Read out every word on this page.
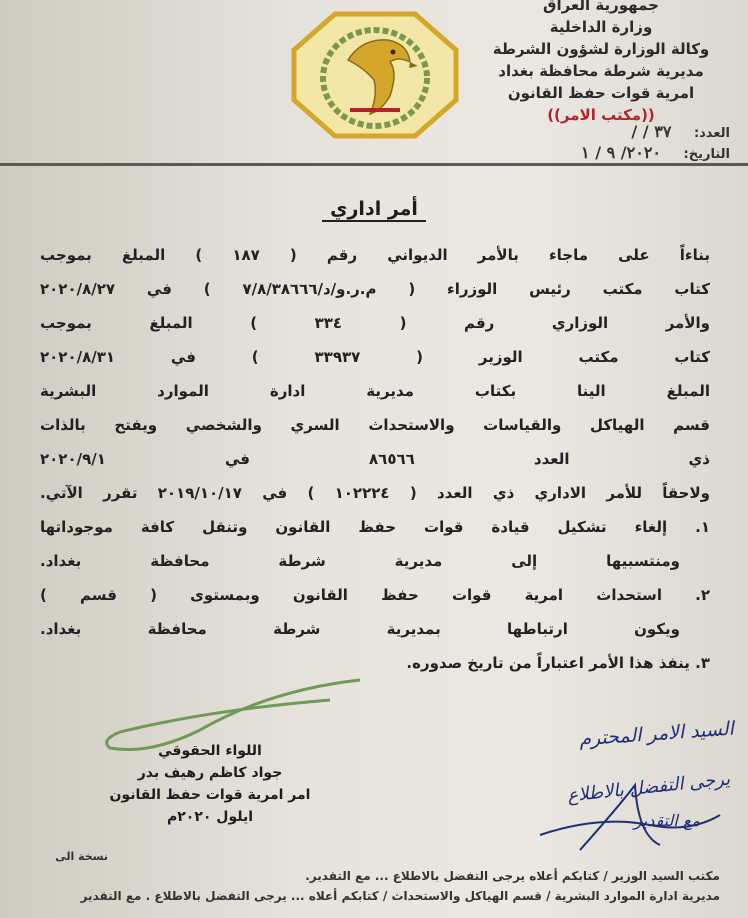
جمهورية العراق
وزارة الداخلية
وكالة الوزارة لشؤون الشرطة
مديرية شرطة محافظة بغداد
امرية قوات حفظ القانون
((مكتب الامر))
العدد: ٣٧ / /
التاريخ: ٢٠٢٠/ ٩ / ١
أمر اداري
بناءاً على ماجاء بالأمر الديواني رقم ( ١٨٧ ) المبلغ بموجب
كتاب مكتب رئيس الوزراء ( م.ر.و/د/٧/٨/٣٨٦٦٦ ) في ٢٠٢٠/٨/٢٧
والأمر الوزاري رقم ( ٣٣٤ ) المبلغ بموجب
كتاب مكتب الوزير ( ٣٣٩٣٧ ) في ٢٠٢٠/٨/٣١
المبلغ الينا بكتاب مديرية ادارة الموارد البشرية
قسم الهياكل والقياسات والاستحداث السري والشخصي ويفتح بالذات
ذي العدد ٨٦٥٦٦ في ٢٠٢٠/٩/١
ولاحقاً للأمر الاداري ذي العدد ( ١٠٢٢٢٤ ) في ٢٠١٩/١٠/١٧ تقرر الآتي.
١. إلغاء تشكيل قيادة قوات حفظ القانون وتنقل كافة موجوداتها
ومنتسبيها إلى مديرية شرطة محافظة بغداد.
٢. استحداث امرية قوات حفظ القانون وبمستوى ( قسم )
ويكون ارتباطها بمديرية شرطة محافظة بغداد.
٣. ينفذ هذا الأمر اعتباراً من تاريخ صدوره.
اللواء الحقوقي
جواد كاظم رهيف بدر
امر امرية قوات حفظ القانون
ايلول ٢٠٢٠م
السيد الامر المحترم
يرجى التفضل بالاطلاع
مع التقدير
نسخة الى
مكتب السيد الوزير / كتابكم أعلاه يرجى التفضل بالاطلاع ... مع التقدير.
مديرية ادارة الموارد البشرية / قسم الهياكل والاستحداث / كتابكم أعلاه ... يرجى التفضل بالاطلاع . مع التقدير
